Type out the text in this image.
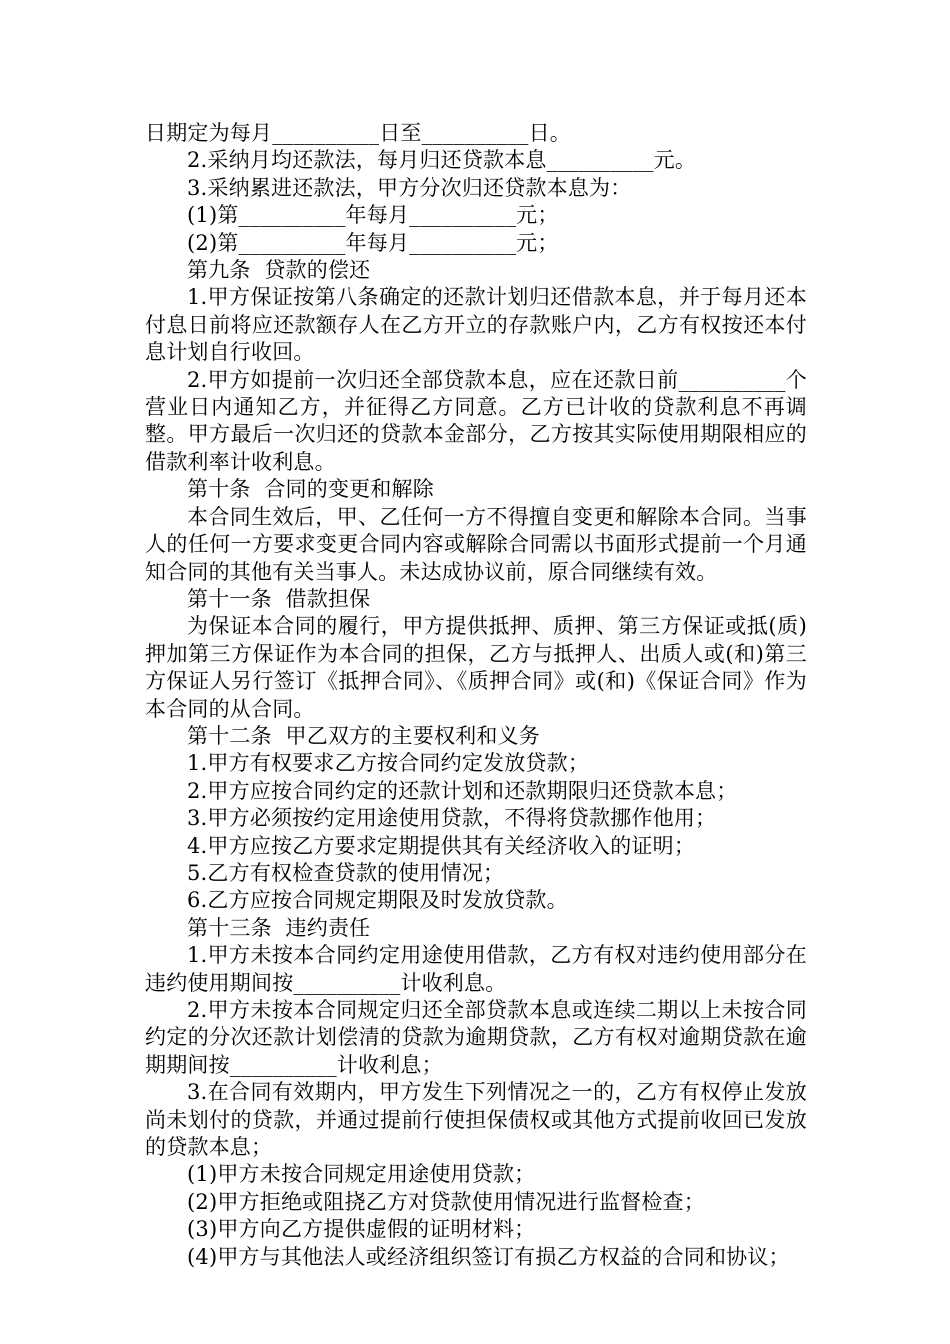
日期定为每月__________日至__________日。

2.采纳月均还款法，每月归还贷款本息__________元。

3.采纳累进还款法，甲方分次归还贷款本息为：

(1)第__________年每月__________元；

(2)第__________年每月__________元；

第九条  贷款的偿还

1.甲方保证按第八条确定的还款计划归还借款本息，并于每月还本付息日前将应还款额存人在乙方开立的存款账户内，乙方有权按还本付息计划自行收回。

2.甲方如提前一次归还全部贷款本息，应在还款日前__________个营业日内通知乙方，并征得乙方同意。乙方已计收的贷款利息不再调整。甲方最后一次归还的贷款本金部分，乙方按其实际使用期限相应的借款利率计收利息。

第十条  合同的变更和解除

本合同生效后，甲、乙任何一方不得擅自变更和解除本合同。当事人的任何一方要求变更合同内容或解除合同需以书面形式提前一个月通知合同的其他有关当事人。未达成协议前，原合同继续有效。

第十一条  借款担保

为保证本合同的履行，甲方提供抵押、质押、第三方保证或抵(质)押加第三方保证作为本合同的担保，乙方与抵押人、出质人或(和)第三方保证人另行签订《抵押合同》、《质押合同》或(和)《保证合同》作为本合同的从合同。

第十二条  甲乙双方的主要权利和义务

1.甲方有权要求乙方按合同约定发放贷款；

2.甲方应按合同约定的还款计划和还款期限归还贷款本息；

3.甲方必须按约定用途使用贷款，不得将贷款挪作他用；

4.甲方应按乙方要求定期提供其有关经济收入的证明；

5.乙方有权检查贷款的使用情况；

6.乙方应按合同规定期限及时发放贷款。

第十三条  违约责任

1.甲方未按本合同约定用途使用借款，乙方有权对违约使用部分在违约使用期间按__________计收利息。

2.甲方未按本合同规定归还全部贷款本息或连续二期以上未按合同约定的分次还款计划偿清的贷款为逾期贷款，乙方有权对逾期贷款在逾期期间按__________计收利息；

3.在合同有效期内，甲方发生下列情况之一的，乙方有权停止发放尚未划付的贷款，并通过提前行使担保债权或其他方式提前收回已发放的贷款本息；

(1)甲方未按合同规定用途使用贷款；

(2)甲方拒绝或阻挠乙方对贷款使用情况进行监督检查；

(3)甲方向乙方提供虚假的证明材料；

(4)甲方与其他法人或经济组织签订有损乙方权益的合同和协议；
